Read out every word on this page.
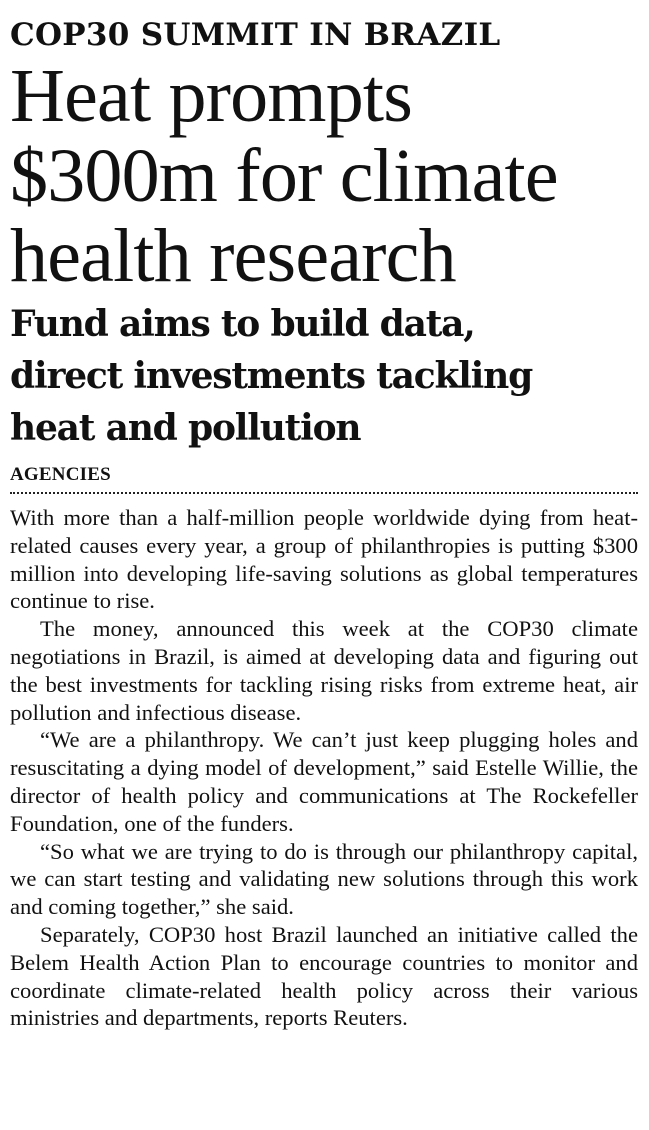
COP30 SUMMIT IN BRAZIL
Heat prompts
$300m for climate
health research
Fund aims to build data,
direct investments tackling
heat and pollution
AGENCIES

With more than a half-million people worldwide dying from heat-related causes every year, a group of philanthropies is putting $300 million into developing life-saving solutions as global temperatures continue to rise.

The money, announced this week at the COP30 climate negotiations in Brazil, is aimed at developing data and figuring out the best investments for tackling rising risks from extreme heat, air pollution and infectious disease.

“We are a philanthropy. We can’t just keep plugging holes and resuscitating a dying model of development,” said Estelle Willie, the director of health policy and communications at The Rockefeller Foundation, one of the funders.

“So what we are trying to do is through our philanthropy capital, we can start testing and validating new solutions through this work and coming together,” she said.

Separately, COP30 host Brazil launched an initiative called the Belem Health Action Plan to encourage countries to monitor and coordinate climate-related health policy across their various ministries and departments, reports Reuters.
